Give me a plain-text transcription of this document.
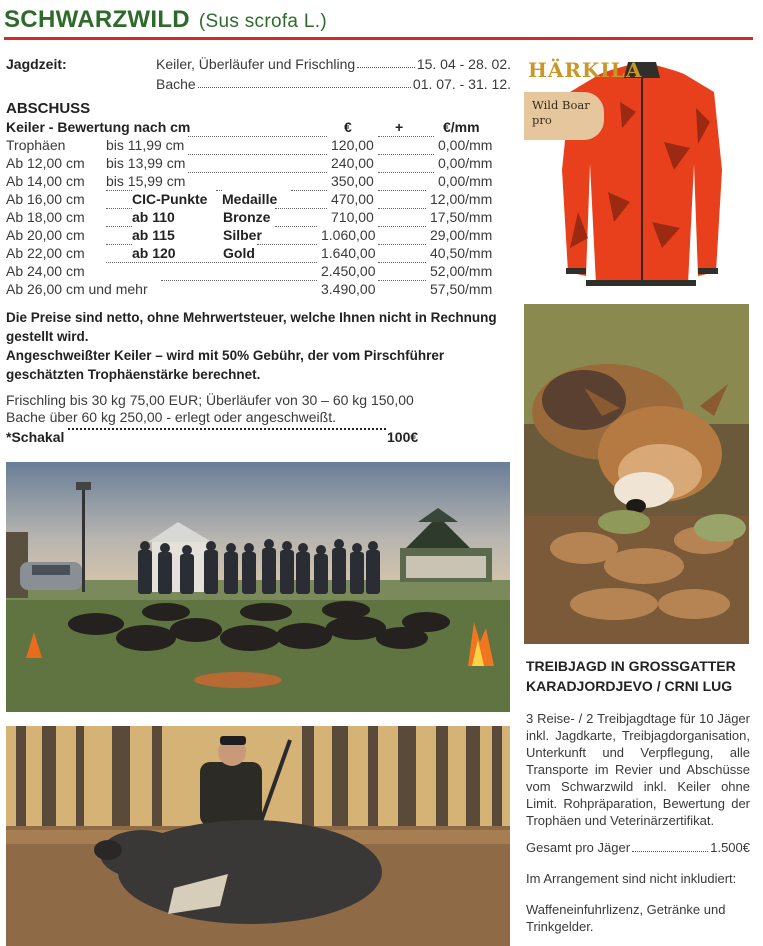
SCHWARZWILD (Sus scrofa L.)
Jagdzeit:	Keiler, Überläufer und Frischling	15. 04 - 28. 02.
Bache	01. 07. - 31. 12.
ABSCHUSS
Keiler - Bewertung nach cm	€	+	€/mm
Trophäen	bis 11,99 cm	120,00	0,00/mm
Ab 12,00 cm bis 13,99 cm	240,00	0,00/mm
Ab 14,00 cm bis 15,99 cm	350,00	0,00/mm
Ab 16,00 cm	CIC-Punkte Medaille	470,00	12,00/mm
Ab 18,00 cm	ab 110	Bronze	710,00	17,50/mm
Ab 20,00 cm	ab 115	Silber	1.060,00	29,00/mm
Ab 22,00 cm	ab 120	Gold	1.640,00	40,50/mm
Ab 24,00 cm	2.450,00	52,00/mm
Ab 26,00 cm und mehr	3.490,00	57,50/mm
Die Preise sind netto, ohne Mehrwertsteuer, welche Ihnen nicht in Rechnung gestellt wird.
Angeschweißter Keiler – wird mit 50% Gebühr, der vom Pirschführer geschätzten Trophäenstärke berechnet.
Frischling bis 30 kg 75,00 EUR; Überläufer von 30 – 60 kg 150,00
Bache über 60 kg 250,00 - erlegt oder angeschweißt.
*Schakal	100€
HÄRKILA
Wild Boar pro
TREIBJAGD IN GROSSGATTER
KARADJORDJEVO / CRNI LUG
3 Reise- / 2 Treibjagdtage für 10 Jäger inkl. Jagdkarte, Treibjagdorganisation, Unterkunft und Verpflegung, alle Transporte im Revier und Abschüsse vom Schwarzwild inkl. Keiler ohne Limit. Rohpräparation, Bewertung der Trophäen und Veterinärzertifikat.
Gesamt pro Jäger	1.500€
Im Arrangement sind nicht inkludiert:
Waffeneinfuhrlizenz, Getränke und Trinkgelder.
